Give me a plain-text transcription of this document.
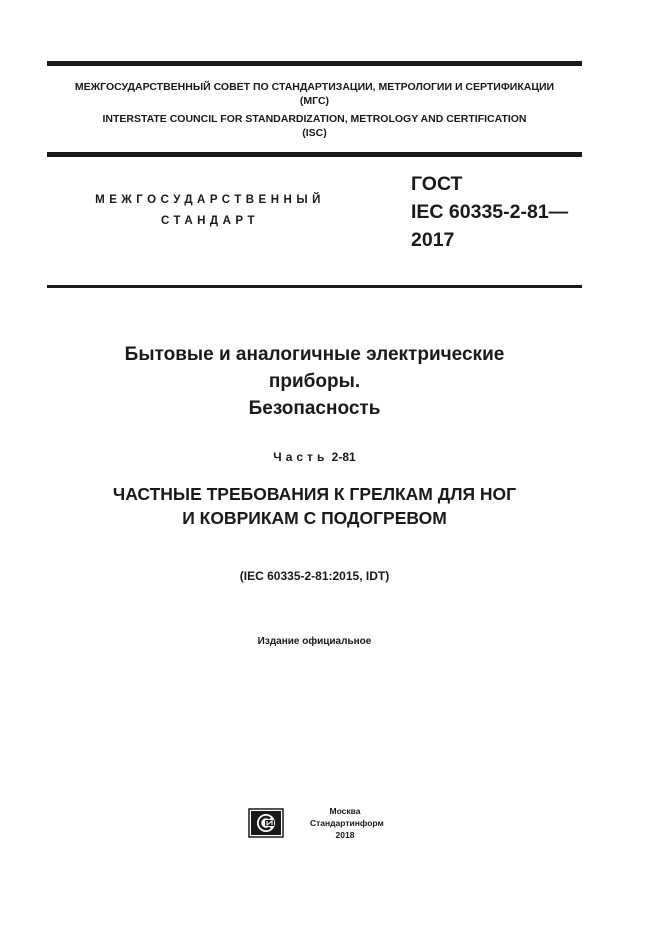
МЕЖГОСУДАРСТВЕННЫЙ СОВЕТ ПО СТАНДАРТИЗАЦИИ, МЕТРОЛОГИИ И СЕРТИФИКАЦИИ
(МГС)
INTERSTATE COUNCIL FOR STANDARDIZATION, METROLOGY AND CERTIFICATION
(ISC)
МЕЖГОСУДАРСТВЕННЫЙ
СТАНДАРТ
ГОСТ
IEC 60335-2-81—
2017
Бытовые и аналогичные электрические
приборы.
Безопасность
Часть 2-81
ЧАСТНЫЕ ТРЕБОВАНИЯ К ГРЕЛКАМ ДЛЯ НОГ
И КОВРИКАМ С ПОДОГРЕВОМ
(IEC 60335-2-81:2015, IDT)
Издание официальное
Москва
Стандартинформ
2018
